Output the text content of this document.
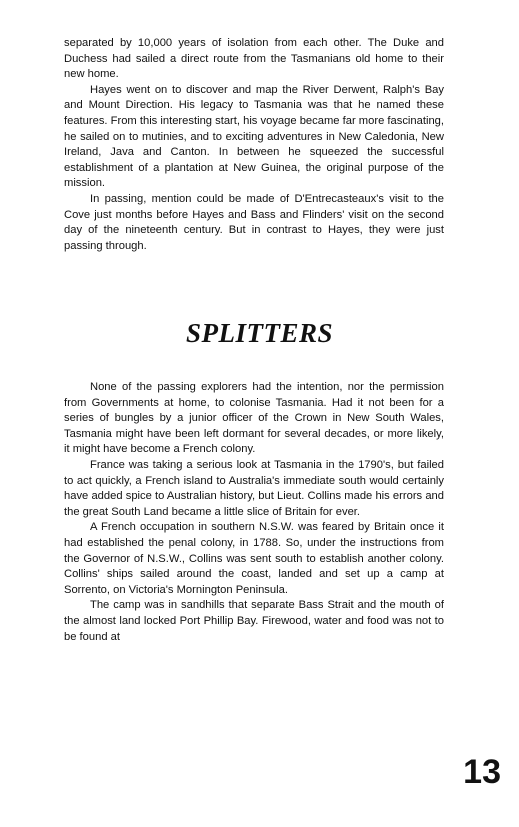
separated by 10,000 years of isolation from each other. The Duke and Duchess had sailed a direct route from the Tasmanians old home to their new home.

Hayes went on to discover and map the River Derwent, Ralph's Bay and Mount Direction. His legacy to Tasmania was that he named these features. From this interesting start, his voyage became far more fascinating, he sailed on to mutinies, and to exciting adventures in New Caledonia, New Ireland, Java and Canton. In between he squeezed the successful establishment of a plantation at New Guinea, the original purpose of the mission.

In passing, mention could be made of D'Entrecasteaux's visit to the Cove just months before Hayes and Bass and Flinders' visit on the second day of the nineteenth century. But in contrast to Hayes, they were just passing through.

SPLITTERS

None of the passing explorers had the intention, nor the permission from Governments at home, to colonise Tasmania. Had it not been for a series of bungles by a junior officer of the Crown in New South Wales, Tasmania might have been left dormant for several decades, or more likely, it might have become a French colony.

France was taking a serious look at Tasmania in the 1790's, but failed to act quickly, a French island to Australia's immediate south would certainly have added spice to Australian history, but Lieut. Collins made his errors and the great South Land became a little slice of Britain for ever.

A French occupation in southern N.S.W. was feared by Britain once it had established the penal colony, in 1788. So, under the instructions from the Governor of N.S.W., Collins was sent south to establish another colony. Collins' ships sailed around the coast, landed and set up a camp at Sorrento, on Victoria's Mornington Peninsula.

The camp was in sandhills that separate Bass Strait and the mouth of the almost land locked Port Phillip Bay. Firewood, water and food was not to be found at

13
